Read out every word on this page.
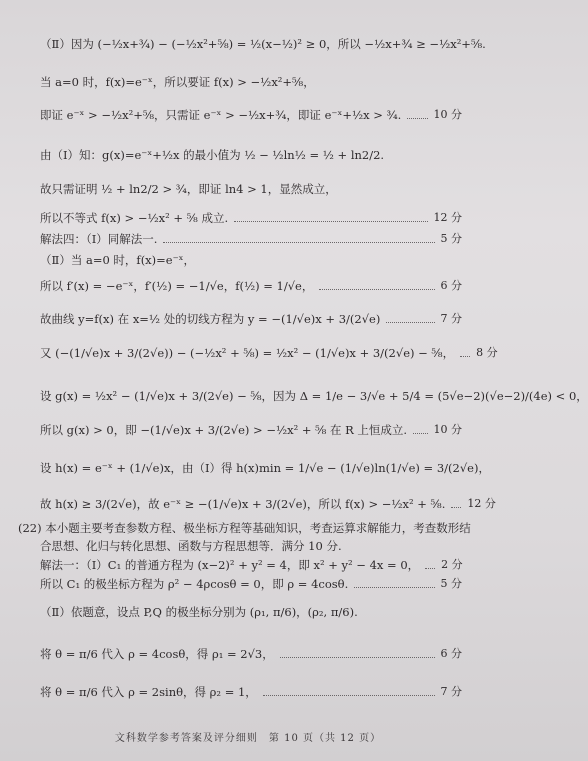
（Ⅱ）因为 (−½x+¾) − (−½x²+⅝) = ½(x−½)² ≥ 0，所以 −½x+¾ ≥ −½x²+⅝.
当 a=0 时，f(x)=e⁻ˣ，所以要证 f(x) > −½x²+⅝，
即证 e⁻ˣ > −½x²+⅝，只需证 e⁻ˣ > −½x+¾，即证 e⁻ˣ+½x > ¾.	10 分
由（Ⅰ）知：g(x)=e⁻ˣ+½x 的最小值为 ½ − ½ln½ = ½ + ln2/2.
故只需证明 ½ + ln2/2 > ¾，即证 ln4 > 1，显然成立，
所以不等式 f(x) > −½x² + ⅝ 成立.	12 分
解法四：（Ⅰ）同解法一.	5 分
（Ⅱ）当 a=0 时，f(x)=e⁻ˣ，
所以 f′(x) = −e⁻ˣ，f′(½) = −1/√e，f(½) = 1/√e，	6 分
故曲线 y=f(x) 在 x=½ 处的切线方程为 y = −(1/√e)x + 3/(2√e)	7 分
又 (−(1/√e)x + 3/(2√e)) − (−½x² + ⅝) = ½x² − (1/√e)x + 3/(2√e) − ⅝， 8 分
设 g(x) = ½x² − (1/√e)x + 3/(2√e) − ⅝，因为 Δ = 1/e − 3/√e + 5/4 = (5√e−2)(√e−2)/(4e) < 0，
所以 g(x) > 0，即 −(1/√e)x + 3/(2√e) > −½x² + ⅝ 在 R 上恒成立. 10 分
设 h(x) = e⁻ˣ + (1/√e)x，由（Ⅰ）得 h(x)min = 1/√e − (1/√e)ln(1/√e) = 3/(2√e)，
故 h(x) ≥ 3/(2√e)，故 e⁻ˣ ≥ −(1/√e)x + 3/(2√e)，所以 f(x) > −½x² + ⅝. 12 分
(22) 本小题主要考查参数方程、极坐标方程等基础知识，考查运算求解能力，考查数形结
合思想、化归与转化思想、函数与方程思想等．满分 10 分.
解法一：（Ⅰ）C₁ 的普通方程为 (x−2)² + y² = 4，即 x² + y² − 4x = 0， 2 分
所以 C₁ 的极坐标方程为 ρ² − 4ρcosθ = 0，即 ρ = 4cosθ.	5 分
（Ⅱ）依题意，设点 P,Q 的极坐标分别为 (ρ₁, π/6)，(ρ₂, π/6).
将 θ = π/6 代入 ρ = 4cosθ，得 ρ₁ = 2√3，	6 分
将 θ = π/6 代入 ρ = 2sinθ，得 ρ₂ = 1，	7 分
文科数学参考答案及评分细则　第 10 页（共 12 页）
